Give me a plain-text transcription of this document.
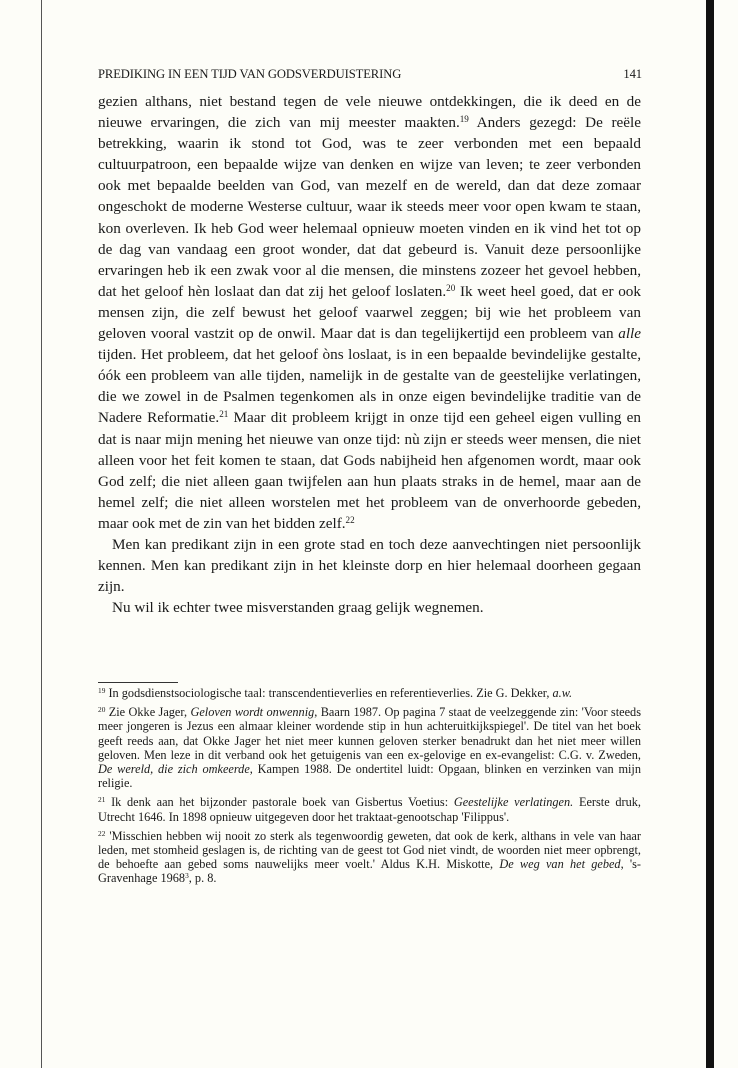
PREDIKING IN EEN TIJD VAN GODSVERDUISTERING	141

gezien althans, niet bestand tegen de vele nieuwe ontdekkingen, die ik deed en de nieuwe ervaringen, die zich van mij meester maakten.$^{19}$ Anders gezegd: De reële betrekking, waarin ik stond tot God, was te zeer verbonden met een bepaald cultuurpatroon, een bepaalde wijze van denken en wijze van leven; te zeer verbonden ook met bepaalde beelden van God, van mezelf en de wereld, dan dat deze zomaar ongeschokt de moderne Westerse cultuur, waar ik steeds meer voor open kwam te staan, kon overleven. Ik heb God weer helemaal opnieuw moeten vinden en ik vind het tot op de dag van vandaag een groot wonder, dat dat gebeurd is. Vanuit deze persoonlijke ervaringen heb ik een zwak voor al die mensen, die minstens zozeer het gevoel hebben, dat het geloof hèn loslaat dan dat zij het geloof loslaten.$^{20}$ Ik weet heel goed, dat er ook mensen zijn, die zelf bewust het geloof vaarwel zeggen; bij wie het probleem van geloven vooral vastzit op de onwil. Maar dat is dan tegelijkertijd een probleem van alle tijden. Het probleem, dat het geloof òns loslaat, is in een bepaalde bevindelijke gestalte, óók een probleem van alle tijden, namelijk in de gestalte van de geestelijke verlatingen, die we zowel in de Psalmen tegenkomen als in onze eigen bevindelijke traditie van de Nadere Reformatie.$^{21}$ Maar dit probleem krijgt in onze tijd een geheel eigen vulling en dat is naar mijn mening het nieuwe van onze tijd: nù zijn er steeds weer mensen, die niet alleen voor het feit komen te staan, dat Gods nabijheid hen afgenomen wordt, maar ook God zelf; die niet alleen gaan twijfelen aan hun plaats straks in de hemel, maar aan de hemel zelf; die niet alleen worstelen met het probleem van de onverhoorde gebeden, maar ook met de zin van het bidden zelf.$^{22}$

Men kan predikant zijn in een grote stad en toch deze aanvechtingen niet persoonlijk kennen. Men kan predikant zijn in het kleinste dorp en hier helemaal doorheen gegaan zijn.

Nu wil ik echter twee misverstanden graag gelijk wegnemen.

$^{19}$ In godsdienstsociologische taal: transcendentieverlies en referentieverlies. Zie G. Dekker, a.w.

$^{20}$ Zie Okke Jager, Geloven wordt onwennig, Baarn 1987. Op pagina 7 staat de veelzeggende zin: 'Voor steeds meer jongeren is Jezus een almaar kleiner wordende stip in hun achteruitkijkspiegel'. De titel van het boek geeft reeds aan, dat Okke Jager het niet meer kunnen geloven sterker benadrukt dan het niet meer willen geloven. Men leze in dit verband ook het getuigenis van een ex-gelovige en ex-evangelist: C.G. v. Zweden, De wereld, die zich omkeerde, Kampen 1988. De ondertitel luidt: Opgaan, blinken en verzinken van mijn religie.

$^{21}$ Ik denk aan het bijzonder pastorale boek van Gisbertus Voetius: Geestelijke verlatingen. Eerste druk, Utrecht 1646. In 1898 opnieuw uitgegeven door het traktaat-genootschap 'Filippus'.

$^{22}$ 'Misschien hebben wij nooit zo sterk als tegenwoordig geweten, dat ook de kerk, althans in vele van haar leden, met stomheid geslagen is, de richting van de geest tot God niet vindt, de woorden niet meer opbrengt, de behoefte aan gebed soms nauwelijks meer voelt.' Aldus K.H. Miskotte, De weg van het gebed, 's-Gravenhage 1968$^3$, p. 8.
